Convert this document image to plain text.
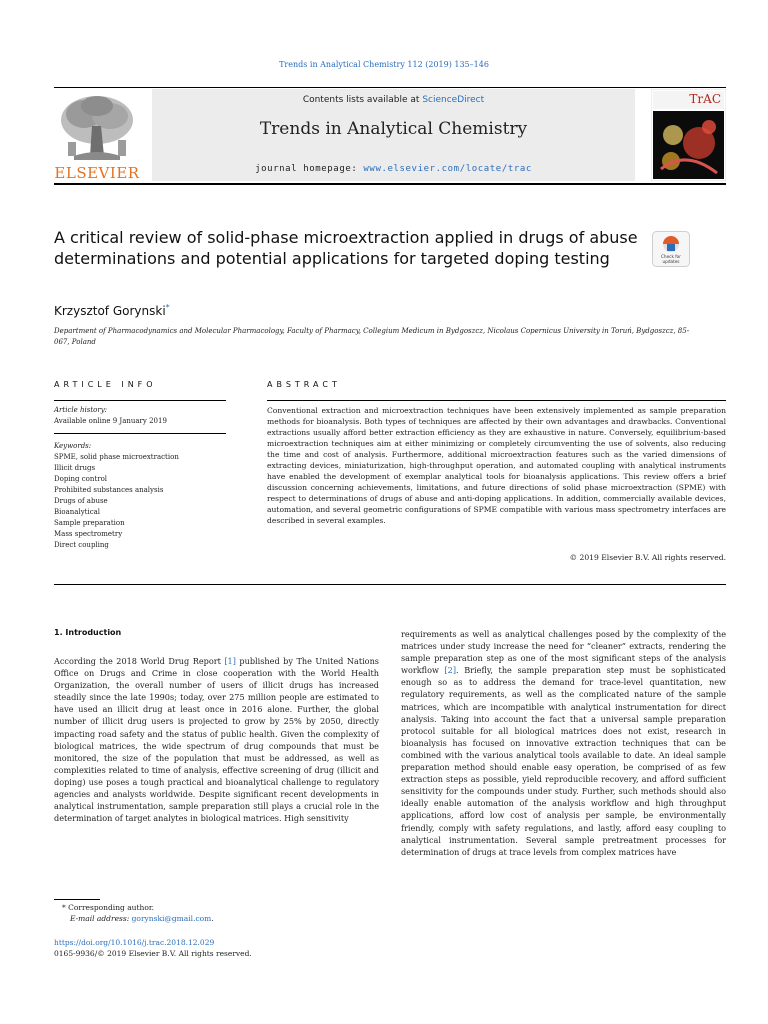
Trends in Analytical Chemistry 112 (2019) 135–146
ELSEVIER
Contents lists available at ScienceDirect
Trends in Analytical Chemistry
journal homepage: www.elsevier.com/locate/trac
TrAC
A critical review of solid-phase microextraction applied in drugs of abuse determinations and potential applications for targeted doping testing	Check for
updates
Krzysztof Gorynski*
Department of Pharmacodynamics and Molecular Pharmacology, Faculty of Pharmacy, Collegium Medicum in Bydgoszcz, Nicolaus Copernicus University in Toruń, Bydgoszcz, 85-067, Poland
ARTICLE INFO
Article history:
Available online 9 January 2019
Keywords:
SPME, solid phase microextraction
Illicit drugs
Doping control
Prohibited substances analysis
Drugs of abuse
Bioanalytical
Sample preparation
Mass spectrometry
Direct coupling
ABSTRACT

Conventional extraction and microextraction techniques have been extensively implemented as sample preparation methods for bioanalysis. Both types of techniques are affected by their own advantages and drawbacks. Conventional extractions usually afford better extraction efficiency as they are exhaustive in nature. Conversely, equilibrium-based microextraction techniques aim at either minimizing or completely circumventing the use of solvents, also reducing the time and cost of analysis. Furthermore, additional microextraction features such as the varied dimensions of extracting devices, miniaturization, high-throughput operation, and automated coupling with analytical instruments have enabled the development of exemplar analytical tools for bioanalysis applications. This review offers a brief discussion concerning achievements, limitations, and future directions of solid phase microextraction (SPME) with respect to determinations of drugs of abuse and anti-doping applications. In addition, commercially available devices, automation, and several geometric configurations of SPME compatible with various mass spectrometry interfaces are described in several examples.

© 2019 Elsevier B.V. All rights reserved.
1. Introduction

According the 2018 World Drug Report [1] published by The United Nations Office on Drugs and Crime in close cooperation with the World Health Organization, the overall number of users of illicit drugs has increased steadily since the late 1990s; today, over 275 million people are estimated to have used an illicit drug at least once in 2016 alone. Further, the global number of illicit drug users is projected to grow by 25% by 2050, directly impacting road safety and the status of public health. Given the complexity of biological matrices, the wide spectrum of drug compounds that must be monitored, the size of the population that must be addressed, as well as complexities related to time of analysis, effective screening of drug (illicit and doping) use poses a tough practical and bioanalytical challenge to regulatory agencies and analysts worldwide. Despite significant recent developments in analytical instrumentation, sample preparation still plays a crucial role in the determination of target analytes in biological matrices. High sensitivity

requirements as well as analytical challenges posed by the complexity of the matrices under study increase the need for “cleaner” extracts, rendering the sample preparation step as one of the most significant steps of the analysis workflow [2]. Briefly, the sample preparation step must be sophisticated enough so as to address the demand for trace-level quantitation, new regulatory requirements, as well as the complicated nature of the sample matrices, which are incompatible with analytical instrumentation for direct analysis. Taking into account the fact that a universal sample preparation protocol suitable for all biological matrices does not exist, research in bioanalysis has focused on innovative extraction techniques that can be combined with the various analytical tools available to date. An ideal sample preparation method should enable easy operation, be comprised of as few extraction steps as possible, yield reproducible recovery, and afford sufficient sensitivity for the compounds under study. Further, such methods should also ideally enable automation of the analysis workflow and high throughput applications, afford low cost of analysis per sample, be environmentally friendly, comply with safety regulations, and lastly, afford easy coupling to analytical instrumentation. Several sample pretreatment processes for determination of drugs at trace levels from complex matrices have

* Corresponding author.
E-mail address: gorynski@gmail.com.
https://doi.org/10.1016/j.trac.2018.12.029
0165-9936/© 2019 Elsevier B.V. All rights reserved.
